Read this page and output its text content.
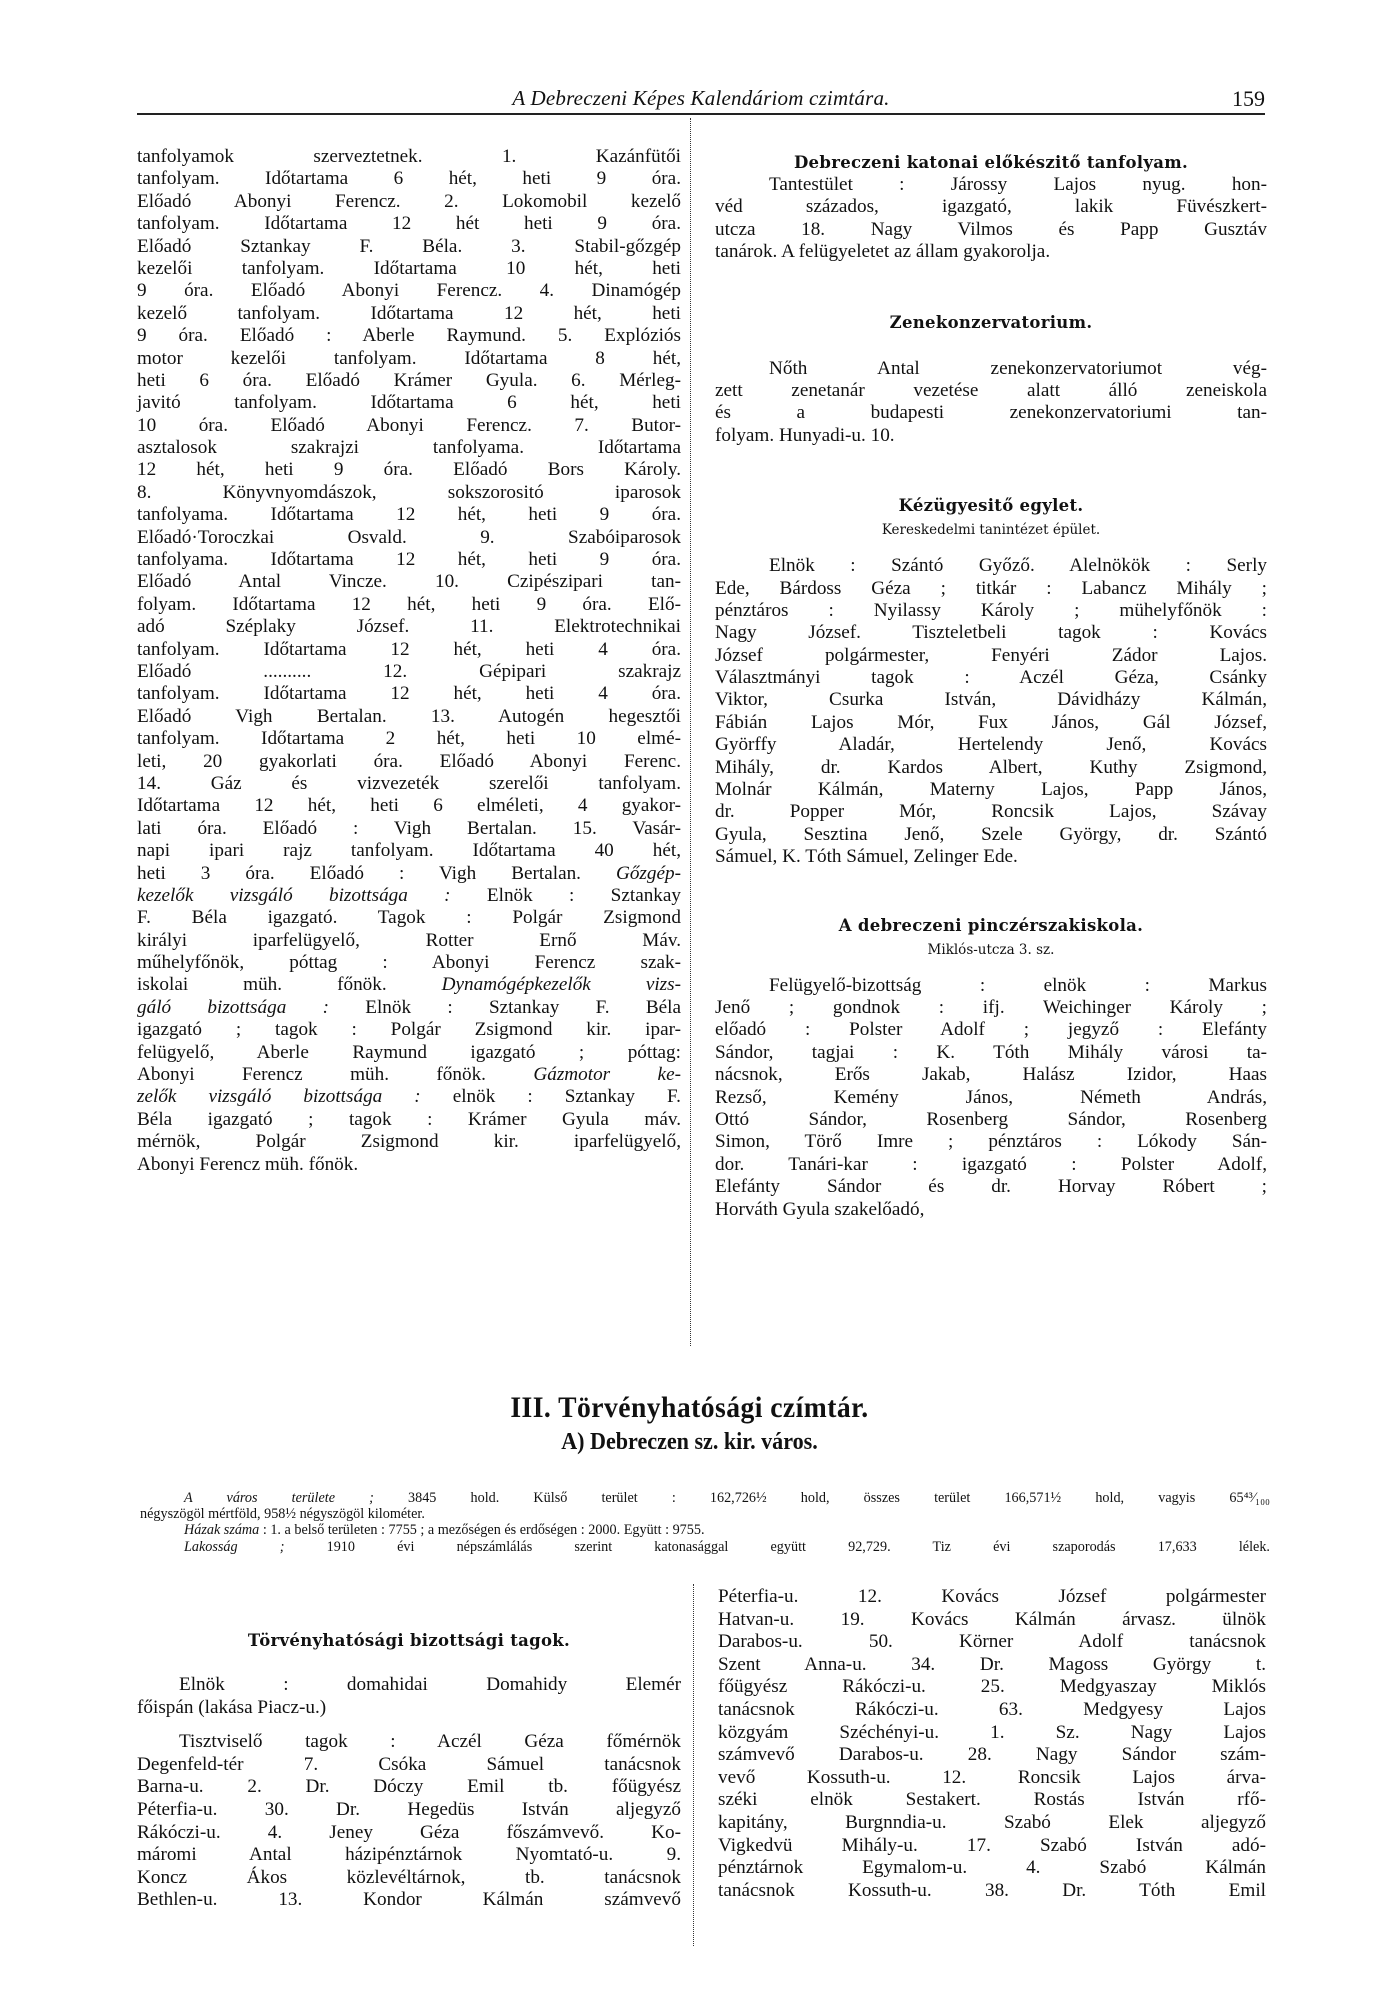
A Debreczeni Képes Kalendáriom czimtára.	159
tanfolyamok szerveztetnek. 1. Kazánfütői
tanfolyam. Időtartama 6 hét, heti 9 óra.
Előadó Abonyi Ferencz. 2. Lokomobil kezelő
tanfolyam. Időtartama 12 hét heti 9 óra.
Előadó Sztankay F. Béla. 3. Stabil-gőzgép
kezelői tanfolyam. Időtartama 10 hét, heti
9 óra. Előadó Abonyi Ferencz. 4. Dinamógép
kezelő tanfolyam. Időtartama 12 hét, heti
9 óra. Előadó : Aberle Raymund. 5. Explóziós
motor kezelői tanfolyam. Időtartama 8 hét,
heti 6 óra. Előadó Krámer Gyula. 6. Mérleg-
javitó tanfolyam. Időtartama 6 hét, heti
10 óra. Előadó Abonyi Ferencz. 7. Butor-
asztalosok szakrajzi tanfolyama. Időtartama
12 hét, heti 9 óra. Előadó Bors Károly.
8. Könyvnyomdászok, sokszorositó iparosok
tanfolyama. Időtartama 12 hét, heti 9 óra.
Előadó·Toroczkai Osvald. 9. Szabóiparosok
tanfolyama. Időtartama 12 hét, heti 9 óra.
Előadó Antal Vincze. 10. Czipészipari tan-
folyam. Időtartama 12 hét, heti 9 óra. Elő-
adó Széplaky József. 11. Elektrotechnikai
tanfolyam. Időtartama 12 hét, heti 4 óra.
Előadó .......... 12. Gépipari szakrajz
tanfolyam. Időtartama 12 hét, heti 4 óra.
Előadó Vigh Bertalan. 13. Autogén hegesztői
tanfolyam. Időtartama 2 hét, heti 10 elmé-
leti, 20 gyakorlati óra. Előadó Abonyi Ferenc.
14. Gáz és vizvezeték szerelői tanfolyam.
Időtartama 12 hét, heti 6 elméleti, 4 gyakor-
lati óra. Előadó : Vigh Bertalan. 15. Vasár-
napi ipari rajz tanfolyam. Időtartama 40 hét,
heti 3 óra. Előadó : Vigh Bertalan. Gőzgép-
kezelők vizsgáló bizottsága : Elnök : Sztankay
F. Béla igazgató. Tagok : Polgár Zsigmond
királyi iparfelügyelő, Rotter Ernő Máv.
műhelyfőnök, póttag : Abonyi Ferencz szak-
iskolai müh. főnök. Dynamógépkezelők vizs-
gáló bizottsága : Elnök : Sztankay F. Béla
igazgató ; tagok : Polgár Zsigmond kir. ipar-
felügyelő, Aberle Raymund igazgató ; póttag:
Abonyi Ferencz müh. főnök. Gázmotor ke-
zelők vizsgáló bizottsága : elnök : Sztankay F.
Béla igazgató ; tagok : Krámer Gyula máv.
mérnök, Polgár Zsigmond kir. iparfelügyelő,
Abonyi Ferencz müh. főnök.
Debreczeni katonai előkészitő tanfolyam.
Tantestület : Járossy Lajos nyug. hon-
véd százados, igazgató, lakik Füvészkert-
utcza 18. Nagy Vilmos és Papp Gusztáv
tanárok. A felügyeletet az állam gyakorolja.
Zenekonzervatorium.
Nőth Antal zenekonzervatoriumot vég-
zett zenetanár vezetése alatt álló zeneiskola
és a budapesti zenekonzervatoriumi tan-
folyam. Hunyadi-u. 10.
Kézügyesitő egylet.
Kereskedelmi tanintézet épület.
Elnök : Szántó Győző. Alelnökök : Serly
Ede, Bárdoss Géza ; titkár : Labancz Mihály ;
pénztáros : Nyilassy Károly ; mühelyfőnök :
Nagy József. Tiszteletbeli tagok : Kovács
József polgármester, Fenyéri Zádor Lajos.
Választmányi tagok : Aczél Géza, Csánky
Viktor, Csurka István, Dávidházy Kálmán,
Fábián Lajos Mór, Fux János, Gál József,
Györffy Aladár, Hertelendy Jenő, Kovács
Mihály, dr. Kardos Albert, Kuthy Zsigmond,
Molnár Kálmán, Materny Lajos, Papp János,
dr. Popper Mór, Roncsik Lajos, Szávay
Gyula, Sesztina Jenő, Szele György, dr. Szántó
Sámuel, K. Tóth Sámuel, Zelinger Ede.
A debreczeni pinczérszakiskola.
Miklós-utcza 3. sz.
Felügyelő-bizottság : elnök : Markus
Jenő ; gondnok : ifj. Weichinger Károly ;
előadó : Polster Adolf ; jegyző : Elefánty
Sándor, tagjai : K. Tóth Mihály városi ta-
nácsnok, Erős Jakab, Halász Izidor, Haas
Rezső, Kemény János, Németh András,
Ottó Sándor, Rosenberg Sándor, Rosenberg
Simon, Törő Imre ; pénztáros : Lókody Sán-
dor. Tanári-kar : igazgató : Polster Adolf,
Elefánty Sándor és dr. Horvay Róbert ;
Horváth Gyula szakelőadó,
III. Törvényhatósági czímtár.
A) Debreczen sz. kir. város.
A város területe ; 3845 hold. Külső terület : 162,726½ hold, összes terület 166,571½ hold, vagyis 65⁴³⁄₁₀₀
négyszögöl mértföld, 958½ négyszögöl kilométer.
Házak száma : 1. a belső területen : 7755 ; a mezőségen és erdőségen : 2000. Együtt : 9755.
Lakosság ; 1910 évi népszámlálás szerint katonasággal együtt 92,729. Tiz évi szaporodás 17,633 lélek.
Törvényhatósági bizottsági tagok.
Elnök : domahidai Domahidy Elemér
főispán (lakása Piacz-u.)
Tisztviselő tagok : Aczél Géza főmérnök
Degenfeld-tér 7. Csóka Sámuel tanácsnok
Barna-u. 2. Dr. Dóczy Emil tb. főügyész
Péterfia-u. 30. Dr. Hegedüs István aljegyző
Rákóczi-u. 4. Jeney Géza főszámvevő. Ko-
máromi Antal házipénztárnok Nyomtató-u. 9.
Koncz Ákos közlevéltárnok, tb. tanácsnok
Bethlen-u. 13. Kondor Kálmán számvevő
Péterfia-u. 12. Kovács József polgármester
Hatvan-u. 19. Kovács Kálmán árvasz. ülnök
Darabos-u. 50. Körner Adolf tanácsnok
Szent Anna-u. 34. Dr. Magoss György t.
főügyész Rákóczi-u. 25. Medgyaszay Miklós
tanácsnok Rákóczi-u. 63. Medgyesy Lajos
közgyám Széchényi-u. 1. Sz. Nagy Lajos
számvevő Darabos-u. 28. Nagy Sándor szám-
vevő Kossuth-u. 12. Roncsik Lajos árva-
széki elnök Sestakert. Rostás István rfő-
kapitány, Burgnndia-u. Szabó Elek aljegyző
Vigkedvü Mihály-u. 17. Szabó István adó-
pénztárnok Egymalom-u. 4. Szabó Kálmán
tanácsnok Kossuth-u. 38. Dr. Tóth Emil
